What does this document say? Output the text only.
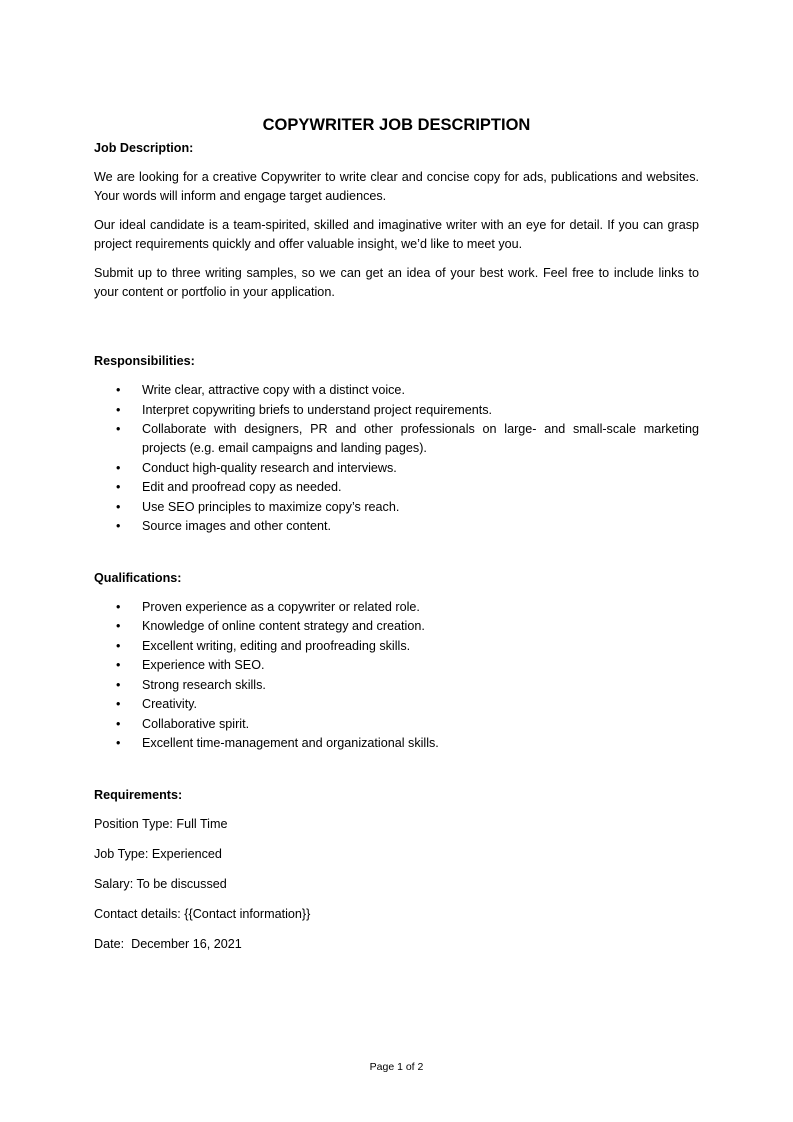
COPYWRITER JOB DESCRIPTION
Job Description:

We are looking for a creative Copywriter to write clear and concise copy for ads, publications and websites. Your words will inform and engage target audiences.

Our ideal candidate is a team-spirited, skilled and imaginative writer with an eye for detail. If you can grasp project requirements quickly and offer valuable insight, we’d like to meet you.

Submit up to three writing samples, so we can get an idea of your best work. Feel free to include links to your content or portfolio in your application.

Responsibilities:
• Write clear, attractive copy with a distinct voice.
• Interpret copywriting briefs to understand project requirements.
• Collaborate with designers, PR and other professionals on large- and small-scale marketing projects (e.g. email campaigns and landing pages).
• Conduct high-quality research and interviews.
• Edit and proofread copy as needed.
• Use SEO principles to maximize copy’s reach.
• Source images and other content.
Qualifications:
• Proven experience as a copywriter or related role.
• Knowledge of online content strategy and creation.
• Excellent writing, editing and proofreading skills.
• Experience with SEO.
• Strong research skills.
• Creativity.
• Collaborative spirit.
• Excellent time-management and organizational skills.
Requirements:
Position Type: Full Time
Job Type: Experienced
Salary: To be discussed
Contact details: {{Contact information}}
Date:  December 16, 2021
Page 1 of 2
